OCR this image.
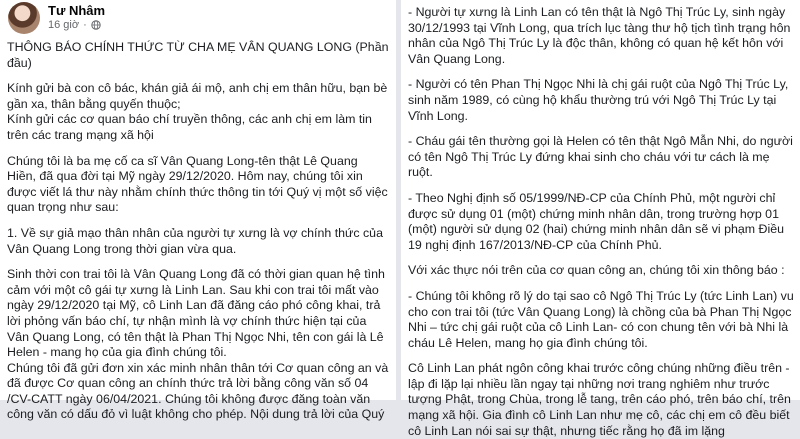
Tư Nhâm
16 giờ ·

THÔNG BÁO CHÍNH THỨC TỪ CHA MẸ VÂN QUANG LONG (Phần đầu)

Kính gửi bà con cô bác, khán giả ái mộ, anh chị em thân hữu, bạn bè gần xa, thân bằng quyến thuộc;
Kính gửi các cơ quan báo chí truyền thông, các anh chị em làm tin trên các trang mạng xã hội

Chúng tôi là ba mẹ cố ca sĩ Vân Quang Long-tên thật Lê Quang Hiền, đã qua đời tại Mỹ ngày 29/12/2020. Hôm nay, chúng tôi xin được viết lá thư này nhằm chính thức thông tin tới Quý vị một số việc quan trọng như sau:

1. Về sự giả mạo thân nhân của người tự xưng là vợ chính thức của Vân Quang Long trong thời gian vừa qua.

Sinh thời con trai tôi là Vân Quang Long đã có thời gian quan hệ tình cảm với một cô gái tự xưng là Linh Lan. Sau khi con trai tôi mất vào ngày 29/12/2020 tại Mỹ, cô Linh Lan đã đăng cáo phó công khai, trả lời phỏng vấn báo chí, tự nhận mình là vợ chính thức hiện tại của Vân Quang Long, có tên thật là Phan Thị Ngọc Nhi, tên con gái là Lê Helen - mang họ của gia đình chúng tôi.
Chúng tôi đã gửi đơn xin xác minh nhân thân tới Cơ quan công an và đã được Cơ quan công an chính thức trả lời bằng công văn số 04 /CV-CATT ngày 06/04/2021. Chúng tôi không được đăng toàn văn công văn có dấu đỏ vì luật không cho phép. Nội dung trả lời của Quý

- Người tự xưng là Linh Lan có tên thật là Ngô Thị Trúc Ly, sinh ngày 30/12/1993 tại Vĩnh Long, qua trích lục tàng thư hộ tịch tình trạng hôn nhân của Ngô Thị Trúc Ly là độc thân, không có quan hệ kết hôn với Vân Quang Long.

- Người có tên Phan Thị Ngọc Nhi là chị gái ruột của Ngô Thị Trúc Ly, sinh năm 1989, có cùng hộ khẩu thường trú với Ngô Thị Trúc Ly tại Vĩnh Long.

- Cháu gái tên thường gọi là Helen có tên thật Ngô Mẫn Nhi, do người có tên Ngô Thị Trúc Ly đứng khai sinh cho cháu với tư cách là mẹ ruột.

- Theo Nghị định số 05/1999/NĐ-CP của Chính Phủ, một người chỉ được sử dụng 01 (một) chứng minh nhân dân, trong trường hợp 01 (một) người sử dụng 02 (hai) chứng minh nhân dân sẽ vi phạm Điều 19 nghị định 167/2013/NĐ-CP của Chính Phủ.

Với xác thực nói trên của cơ quan công an, chúng tôi xin thông báo :

- Chúng tôi không rõ lý do tại sao cô Ngô Thị Trúc Ly (tức Linh Lan) vu cho con trai tôi (tức Vân Quang Long) là chồng của bà Phan Thị Ngọc Nhi – tức chị gái ruột của cô Linh Lan- có con chung tên với bà Nhi là cháu Lê Helen, mang họ gia đình chúng tôi.

Cô Linh Lan phát ngôn công khai trước công chúng những điều trên - lập đi lặp lại nhiều lần ngay tại những nơi trang nghiêm như trước tượng Phật, trong Chùa, trong lễ tang, trên cáo phó, trên báo chí, trên mạng xã hội. Gia đình cô Linh Lan như mẹ cô, các chị em cô đều biết cô Linh Lan nói sai sự thật, nhưng tiếc rằng họ đã im lặng
